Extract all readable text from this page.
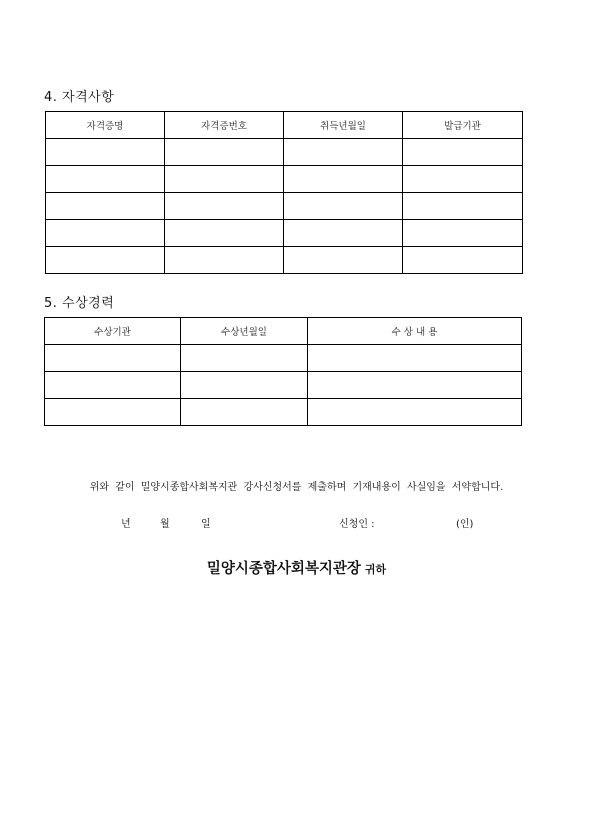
4. 자격사항
자격증명	자격증번호	취득년월일	발급기관

5. 수상경력
수상기관	수상년월일	수 상 내 용

위와 같이 밀양시종합사회복지관 강사신청서를 제출하며 기재내용이 사실임을 서약합니다.
년	월	일	신청인 :	(인)
밀양시종합사회복지관장 귀하
